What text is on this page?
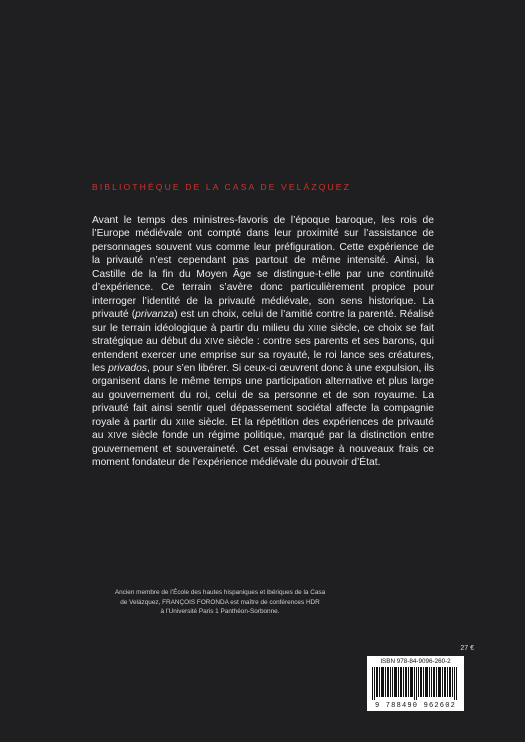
BIBLIOTHÈQUE DE LA CASA DE VELÁZQUEZ

Avant le temps des ministres-favoris de l’époque baroque, les rois de l’Europe médiévale ont compté dans leur proximité sur l’assistance de personnages souvent vus comme leur préfiguration. Cette expérience de la privauté n’est cependant pas partout de même intensité. Ainsi, la Castille de la fin du Moyen Âge se distingue-t-elle par une continuité d’expérience. Ce terrain s’avère donc particulièrement propice pour interroger l’identité de la privauté médiévale, son sens historique. La privauté (privanza) est un choix, celui de l’amitié contre la parenté. Réalisé sur le terrain idéologique à partir du milieu du XIIIe siècle, ce choix se fait stratégique au début du XIVe siècle : contre ses parents et ses barons, qui entendent exercer une emprise sur sa royauté, le roi lance ses créatures, les privados, pour s’en libérer. Si ceux-ci œuvrent donc à une expulsion, ils organisent dans le même temps une participation alternative et plus large au gouvernement du roi, celui de sa personne et de son royaume. La privauté fait ainsi sentir quel dépassement sociétal affecte la compagnie royale à partir du XIIIe siècle. Et la répétition des expériences de privauté au XIVe siècle fonde un régime politique, marqué par la distinction entre gouvernement et souveraineté. Cet essai envisage à nouveaux frais ce moment fondateur de l’expérience médiévale du pouvoir d’État.

Ancien membre de l’École des hautes hispaniques et ibériques de la Casa
de Velázquez, FRANÇOIS FORONDA est maître de conférences HDR
à l’Université Paris 1 Panthéon-Sorbonne.

27 €
ISBN 978-84-9096-260-2
9 788490 962602
